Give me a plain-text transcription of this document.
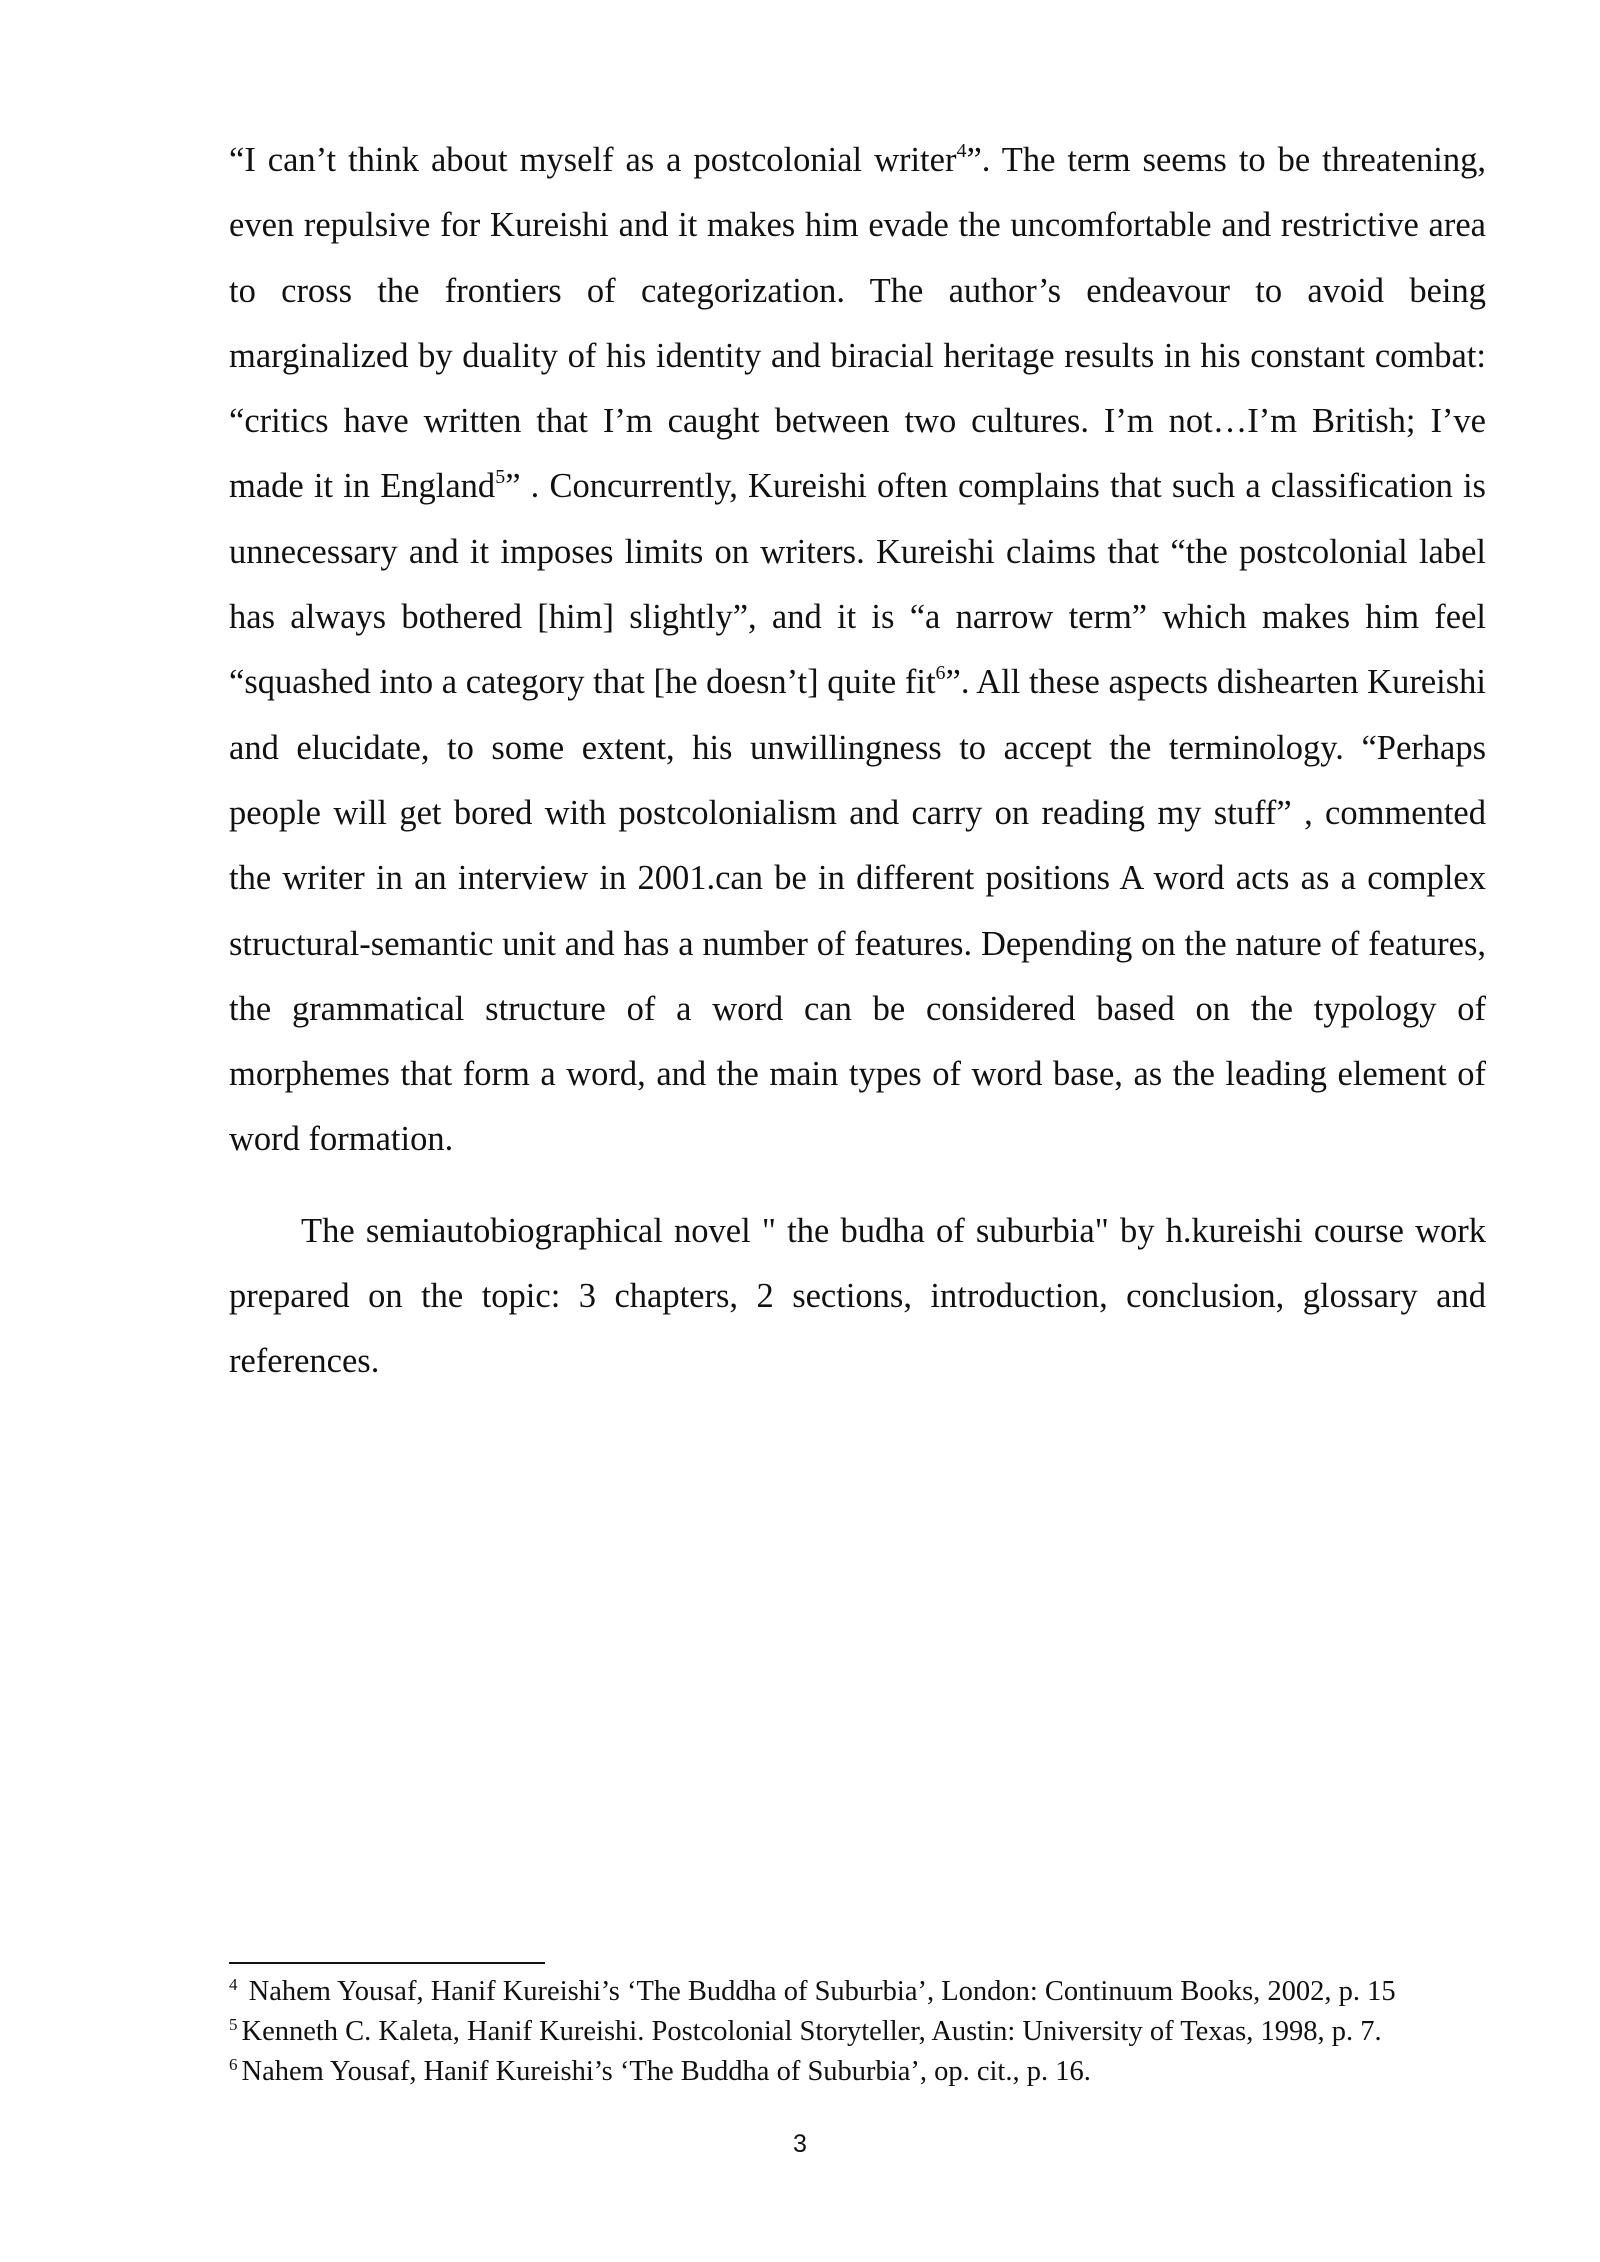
“I can’t think about myself as a postcolonial writer$^4$”. The term seems to be threatening, even repulsive for Kureishi and it makes him evade the uncomfortable and restrictive area to cross the frontiers of categorization. The author’s endeavour to avoid being marginalized by duality of his identity and biracial heritage results in his constant combat: “critics have written that I’m caught between two cultures. I’m not…I’m British; I’ve made it in England$^5$” . Concurrently, Kureishi often complains that such a classification is unnecessary and it imposes limits on writers. Kureishi claims that “the postcolonial label has always bothered [him] slightly”, and it is “a narrow term” which makes him feel “squashed into a category that [he doesn’t] quite fit$^6$”. All these aspects dishearten Kureishi and elucidate, to some extent, his unwillingness to accept the terminology. “Perhaps people will get bored with postcolonialism and carry on reading my stuff” , commented the writer in an interview in 2001.can be in different positions A word acts as a complex structural-semantic unit and has a number of features. Depending on the nature of features, the grammatical structure of a word can be considered based on the typology of morphemes that form a word, and the main types of word base, as the leading element of word formation.

The semiautobiographical novel " the budha of suburbia" by h.kureishi course work prepared on the topic: 3 chapters, 2 sections, introduction, conclusion, glossary and references.

$^4$ Nahem Yousaf, Hanif Kureishi’s ‘The Buddha of Suburbia’, London: Continuum Books, 2002, p. 15
$^5$ Kenneth C. Kaleta, Hanif Kureishi. Postcolonial Storyteller, Austin: University of Texas, 1998, p. 7.
$^6$ Nahem Yousaf, Hanif Kureishi’s ‘The Buddha of Suburbia’, op. cit., p. 16.
3
